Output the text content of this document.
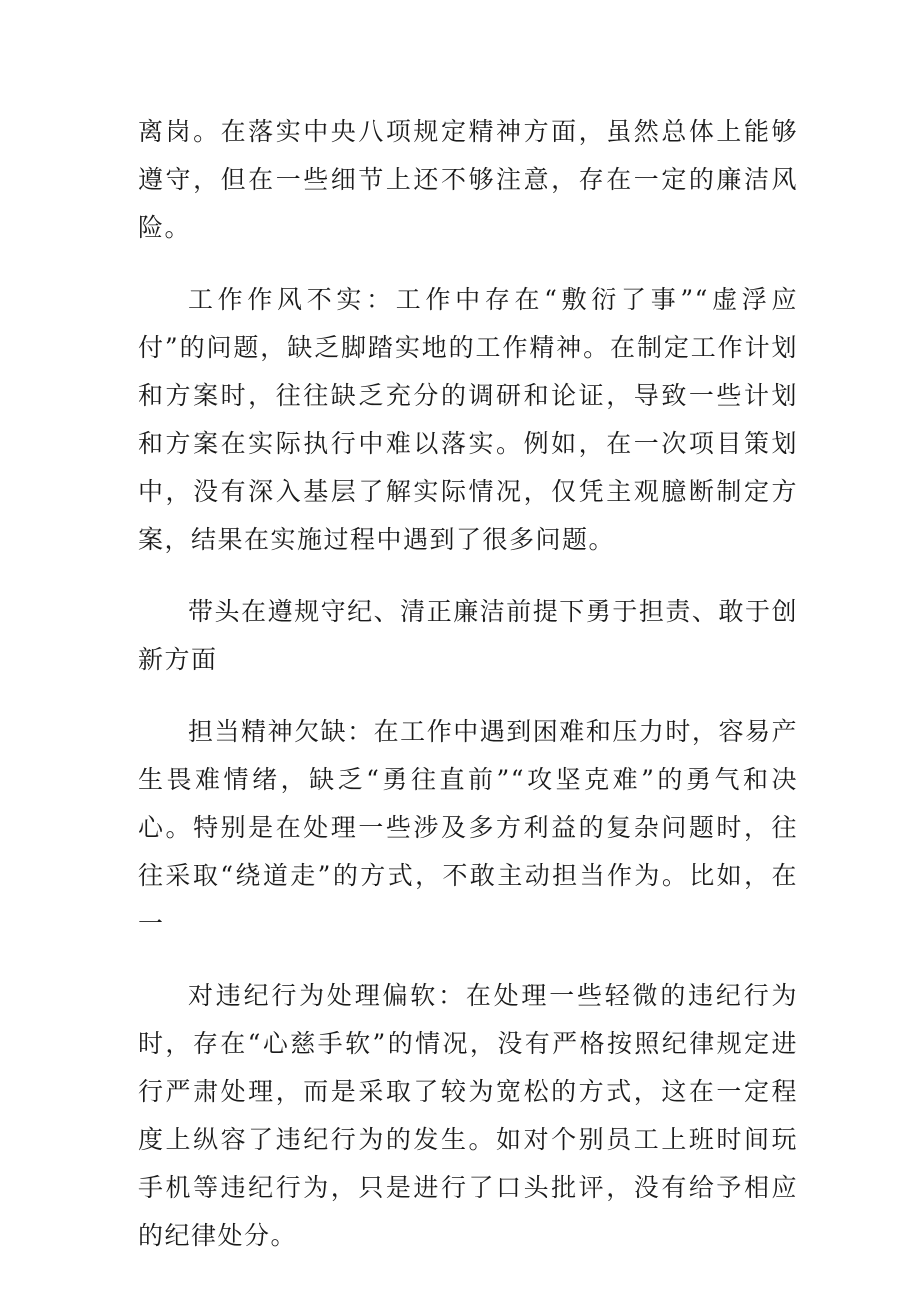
离岗。在落实中央八项规定精神方面，虽然总体上能够遵守，但在一些细节上还不够注意，存在一定的廉洁风险。

工作作风不实：工作中存在“敷衍了事”“虚浮应付”的问题，缺乏脚踏实地的工作精神。在制定工作计划和方案时，往往缺乏充分的调研和论证，导致一些计划和方案在实际执行中难以落实。例如，在一次项目策划中，没有深入基层了解实际情况，仅凭主观臆断制定方案，结果在实施过程中遇到了很多问题。

带头在遵规守纪、清正廉洁前提下勇于担责、敢于创新方面

担当精神欠缺：在工作中遇到困难和压力时，容易产生畏难情绪，缺乏“勇往直前”“攻坚克难”的勇气和决心。特别是在处理一些涉及多方利益的复杂问题时，往往采取“绕道走”的方式，不敢主动担当作为。比如，在一

对违纪行为处理偏软：在处理一些轻微的违纪行为时，存在“心慈手软”的情况，没有严格按照纪律规定进行严肃处理，而是采取了较为宽松的方式，这在一定程度上纵容了违纪行为的发生。如对个别员工上班时间玩手机等违纪行为，只是进行了口头批评，没有给予相应的纪律处分。
